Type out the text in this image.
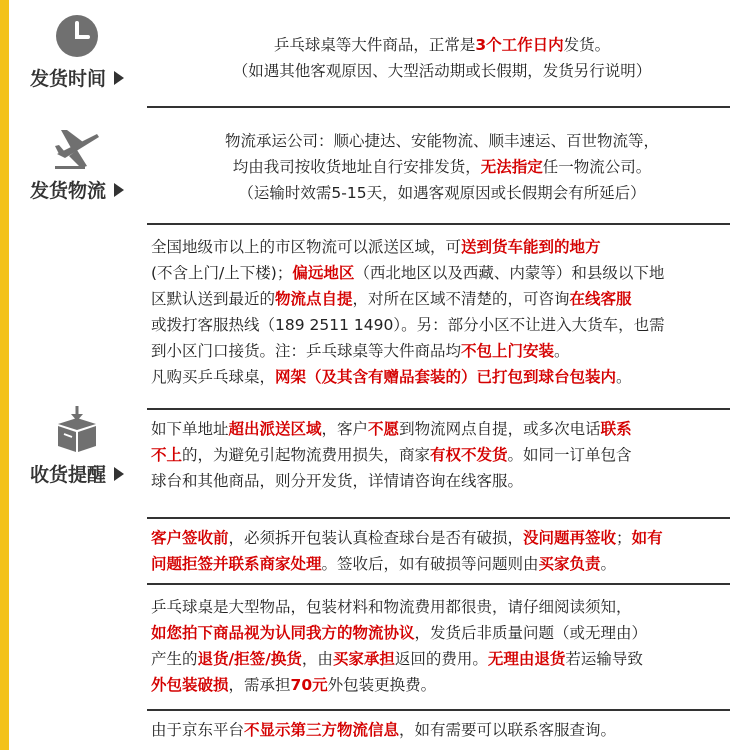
发货时间
发货物流
收货提醒

乒乓球桌等大件商品，正常是3个工作日内发货。

（如遇其他客观原因、大型活动期或长假期，发货另行说明）

物流承运公司：顺心捷达、安能物流、顺丰速运、百世物流等，

均由我司按收货地址自行安排发货，无法指定任一物流公司。

（运输时效需5-15天，如遇客观原因或长假期会有所延后）

全国地级市以上的市区物流可以派送区域，可送到货车能到的地方

(不含上门/上下楼)；偏远地区（西北地区以及西藏、内蒙等）和县级以下地

区默认送到最近的物流点自提，对所在区域不清楚的，可咨询在线客服

或拨打客服热线（189 2511 1490）。另：部分小区不让进入大货车，也需

到小区门口接货。注：乒乓球桌等大件商品均不包上门安装。

凡购买乒乓球桌，网架（及其含有赠品套装的）已打包到球台包装内。

如下单地址超出派送区域，客户不愿到物流网点自提，或多次电话联系

不上的，为避免引起物流费用损失，商家有权不发货。如同一订单包含

球台和其他商品，则分开发货，详情请咨询在线客服。

客户签收前，必须拆开包装认真检查球台是否有破损，没问题再签收；如有

问题拒签并联系商家处理。签收后，如有破损等问题则由买家负责。

乒乓球桌是大型物品，包装材料和物流费用都很贵，请仔细阅读须知，

如您拍下商品视为认同我方的物流协议，发货后非质量问题（或无理由）

产生的退货/拒签/换货，由买家承担返回的费用。无理由退货若运输导致

外包装破损，需承担70元外包装更换费。

由于京东平台不显示第三方物流信息，如有需要可以联系客服查询。
